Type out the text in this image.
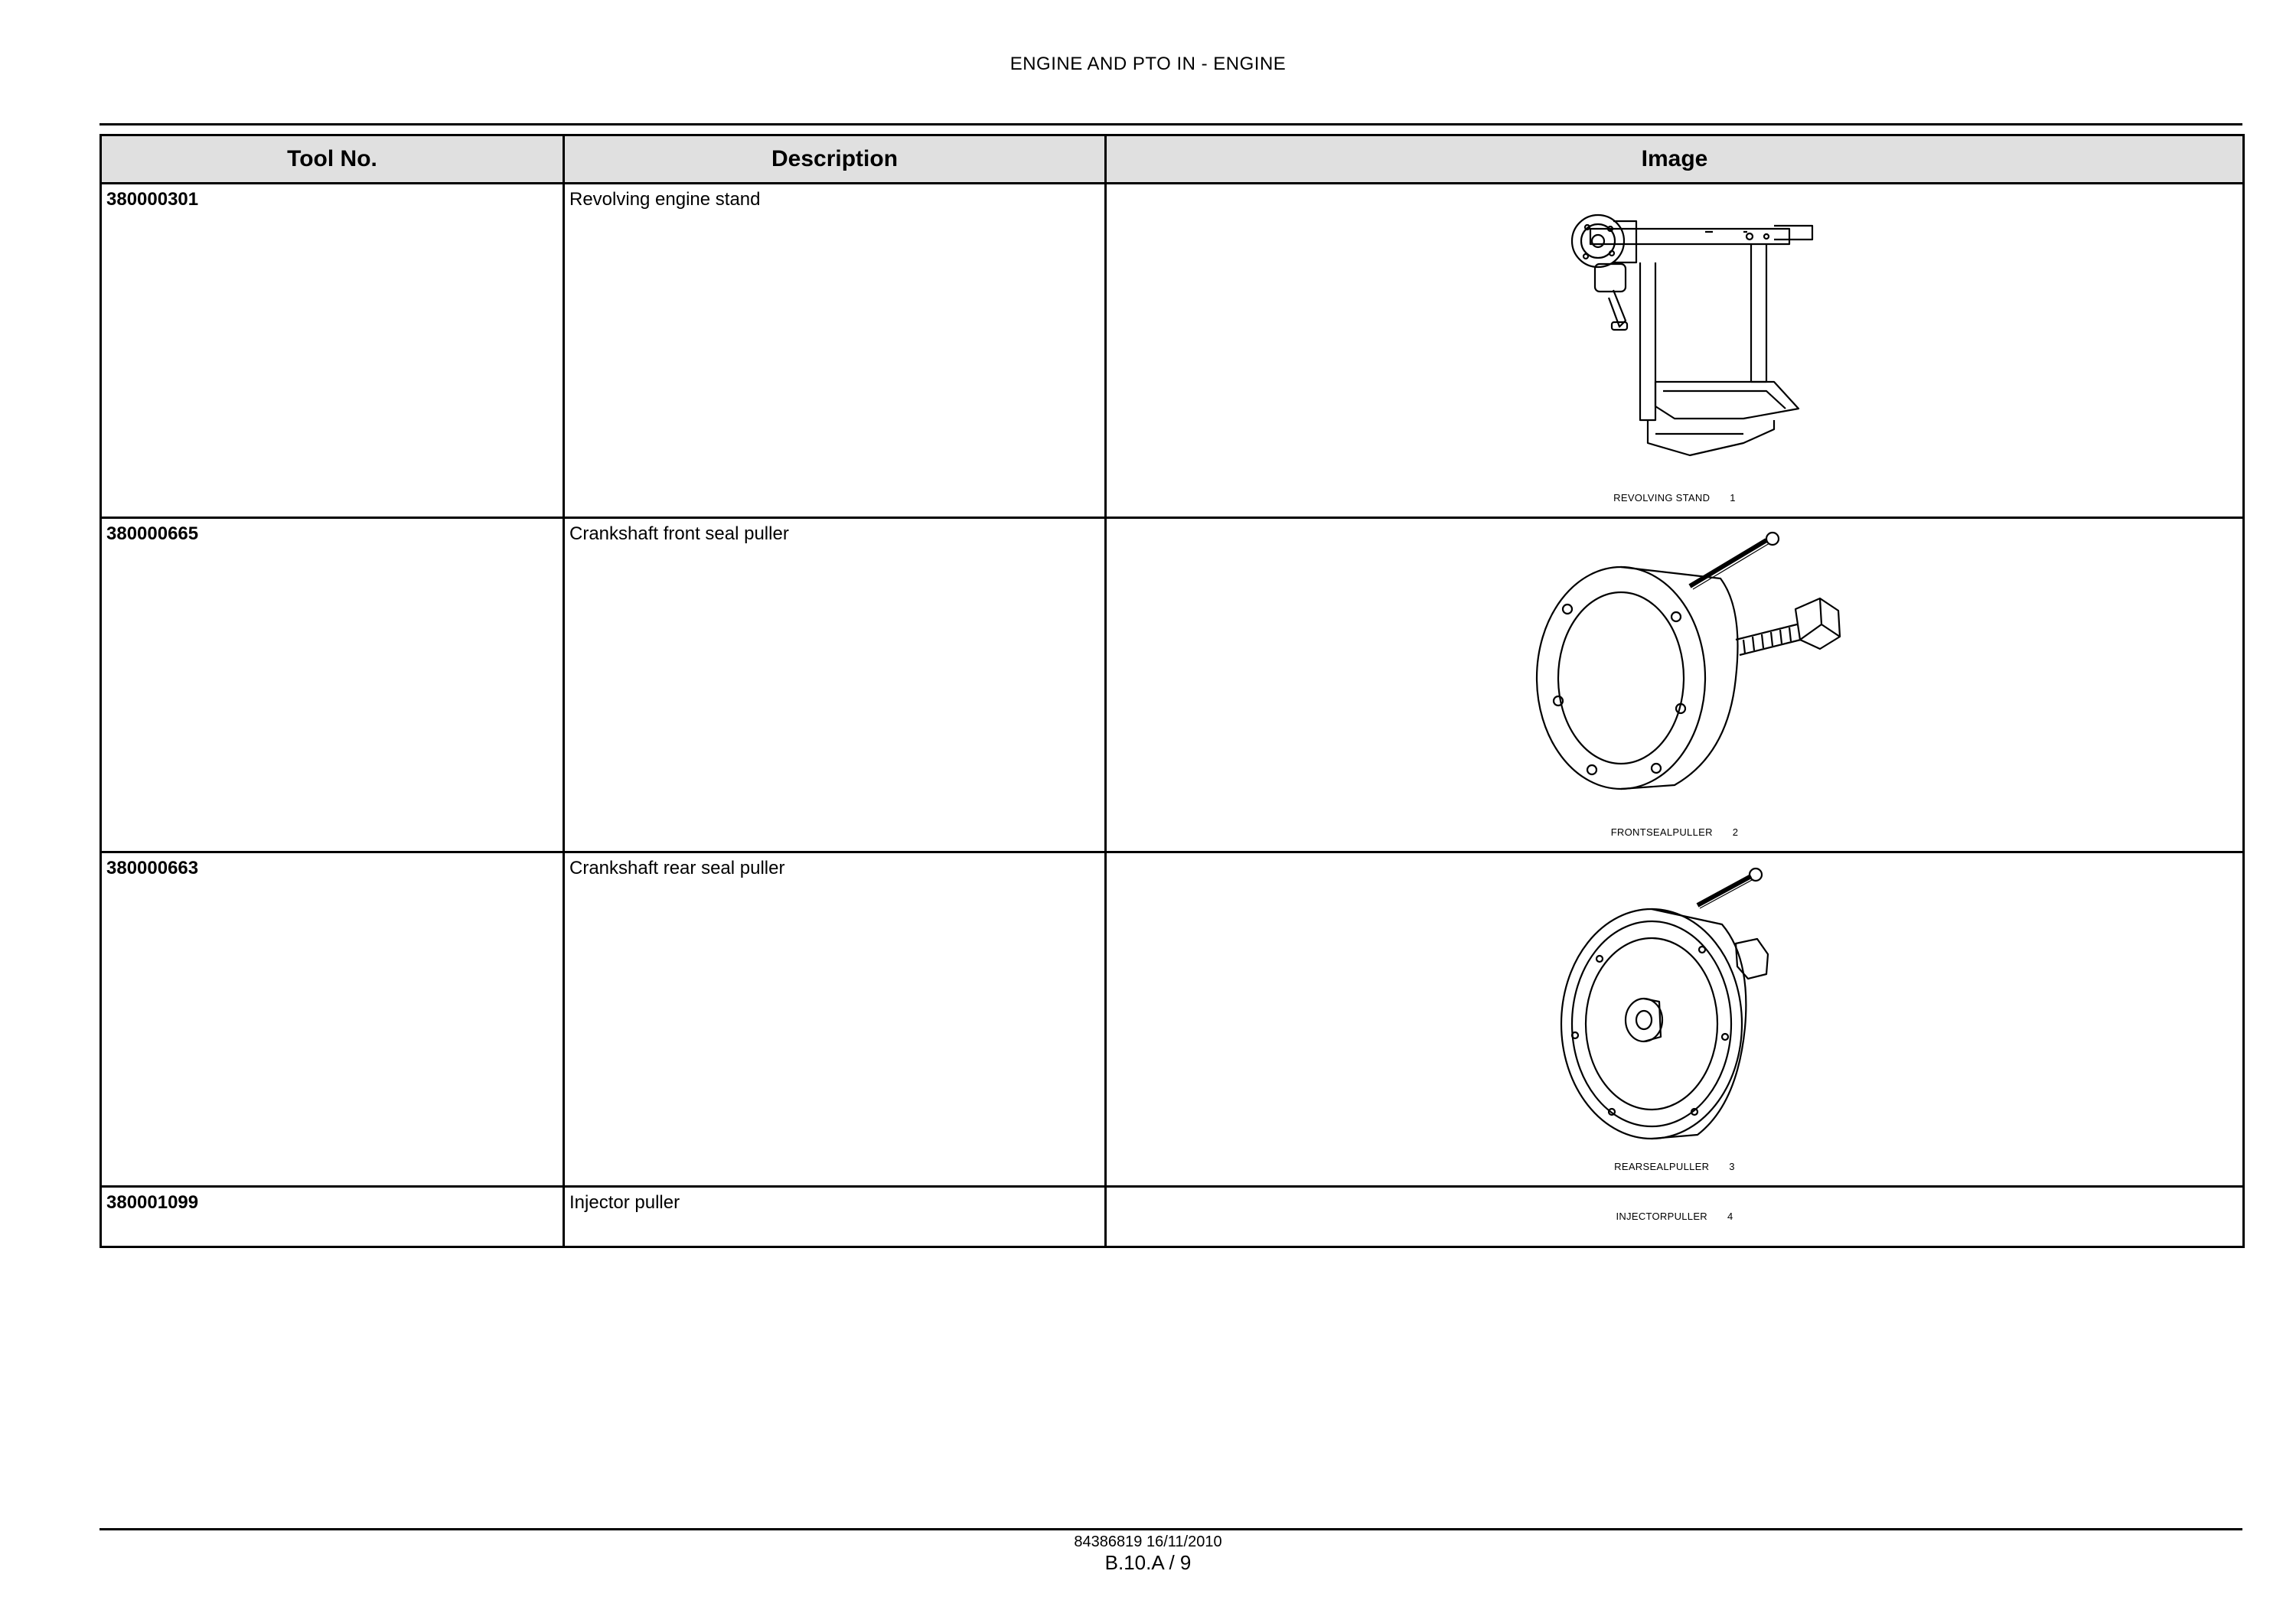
ENGINE AND PTO IN - ENGINE
Tool No.	Description	Image

380000301	Revolving engine stand	REVOLVING STAND 1

380000665	Crankshaft front seal puller	FRONTSEALPULLER 2

380000663	Crankshaft rear seal puller	REARSEALPULLER 3

380001099	Injector puller	INJECTORPULLER 4
84386819 16/11/2010
B.10.A / 9
